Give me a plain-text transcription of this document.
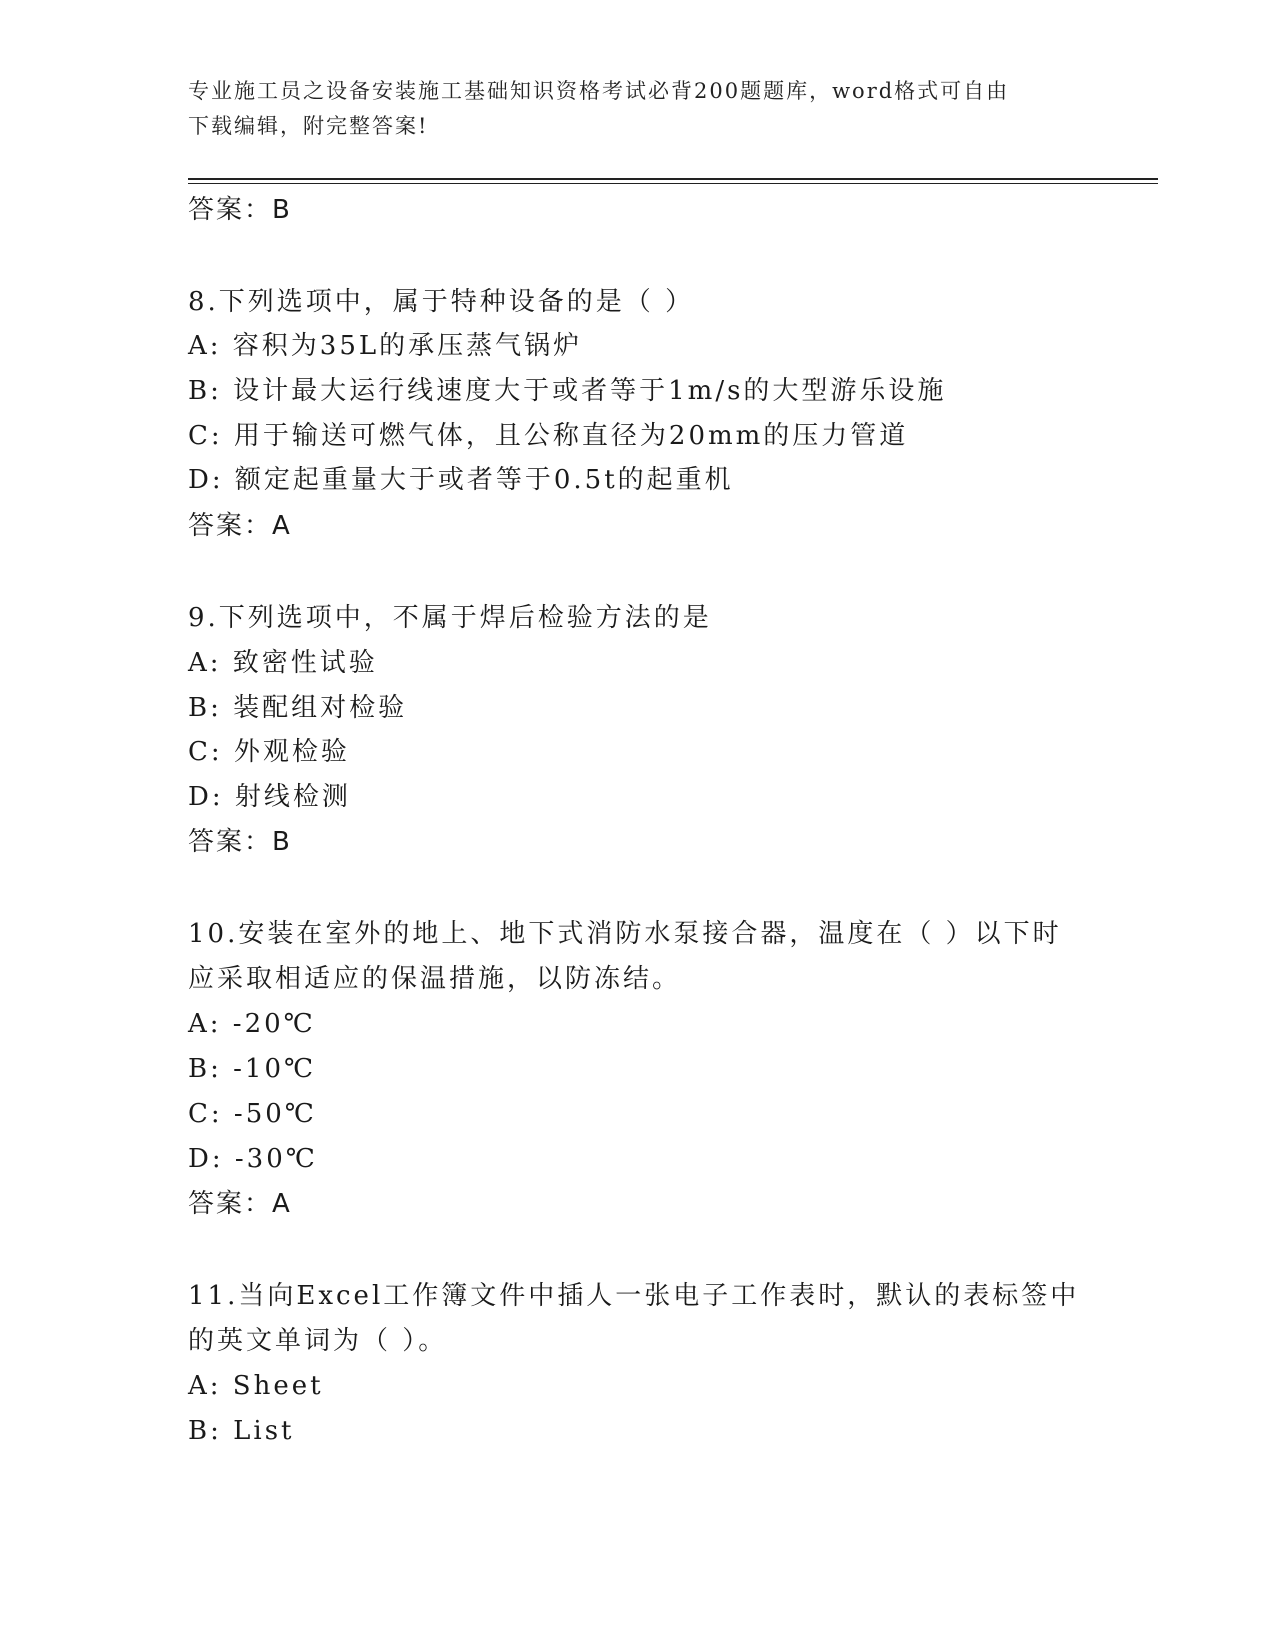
专业施工员之设备安装施工基础知识资格考试必背200题题库，word格式可自由
下载编辑，附完整答案!
答案：B
8.下列选项中，属于特种设备的是（ ）
A: 容积为35L的承压蒸气锅炉
B: 设计最大运行线速度大于或者等于1m/s的大型游乐设施
C: 用于输送可燃气体，且公称直径为20mm的压力管道
D: 额定起重量大于或者等于0.5t的起重机
答案：A
9.下列选项中，不属于焊后检验方法的是
A: 致密性试验
B: 装配组对检验
C: 外观检验
D: 射线检测
答案：B
10.安装在室外的地上、地下式消防水泵接合器，温度在（ ）以下时
应采取相适应的保温措施，以防冻结。
A: -20℃
B: -10℃
C: -50℃
D: -30℃
答案：A
11.当向Excel工作簿文件中插人一张电子工作表时，默认的表标签中
的英文单词为（ ）。
A: Sheet
B: List
